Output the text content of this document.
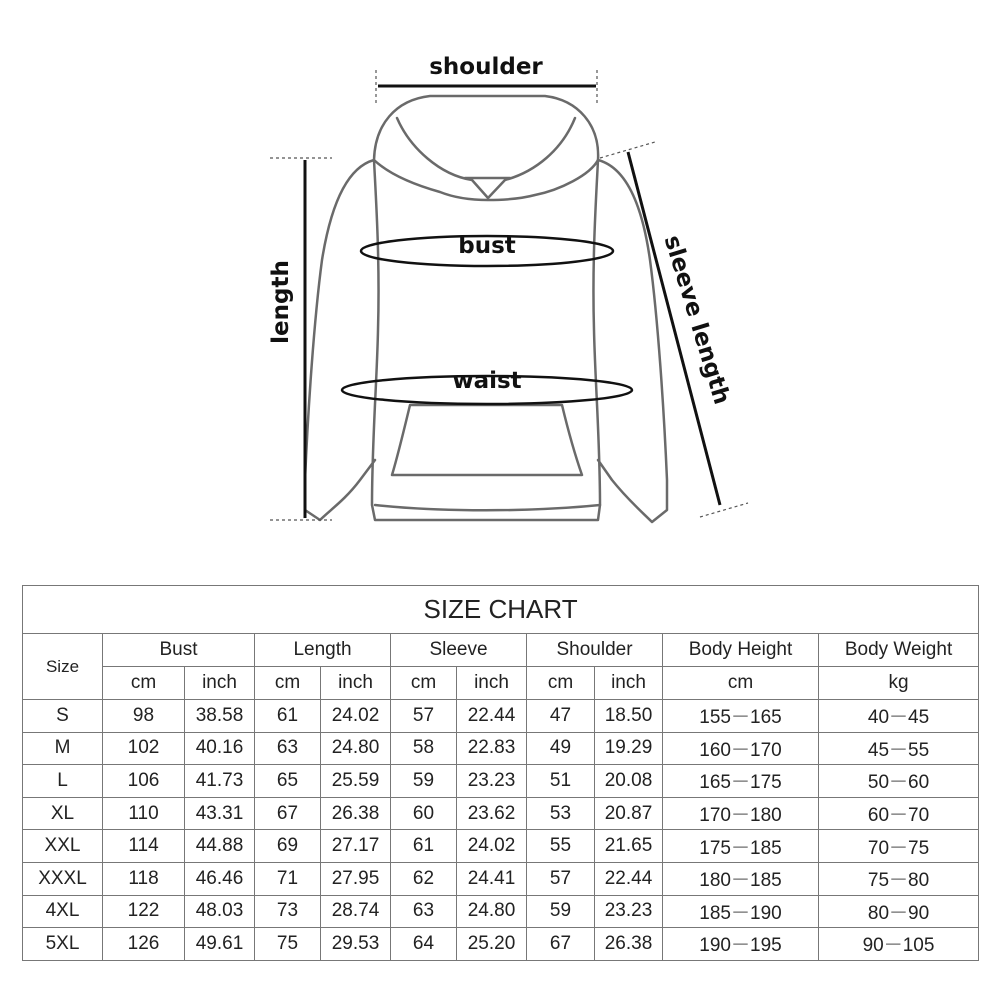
shoulder
length
bust
waist	sleeve length
SIZE CHART										
Size	Bust		Length		Sleeve		Shoulder		Body Height	Body Weight
	cm	inch	cm	inch	cm	inch	cm	inch	cm	kg
S	98	38.58	61	24.02	57	22.44	47	18.50	155－165	40－45
M	102	40.16	63	24.80	58	22.83	49	19.29	160－170	45－55
L	106	41.73	65	25.59	59	23.23	51	20.08	165－175	50－60
XL	110	43.31	67	26.38	60	23.62	53	20.87	170－180	60－70
XXL	114	44.88	69	27.17	61	24.02	55	21.65	175－185	70－75
XXXL	118	46.46	71	27.95	62	24.41	57	22.44	180－185	75－80
4XL	122	48.03	73	28.74	63	24.80	59	23.23	185－190	80－90
5XL	126	49.61	75	29.53	64	25.20	67	26.38	190－195	90－105
